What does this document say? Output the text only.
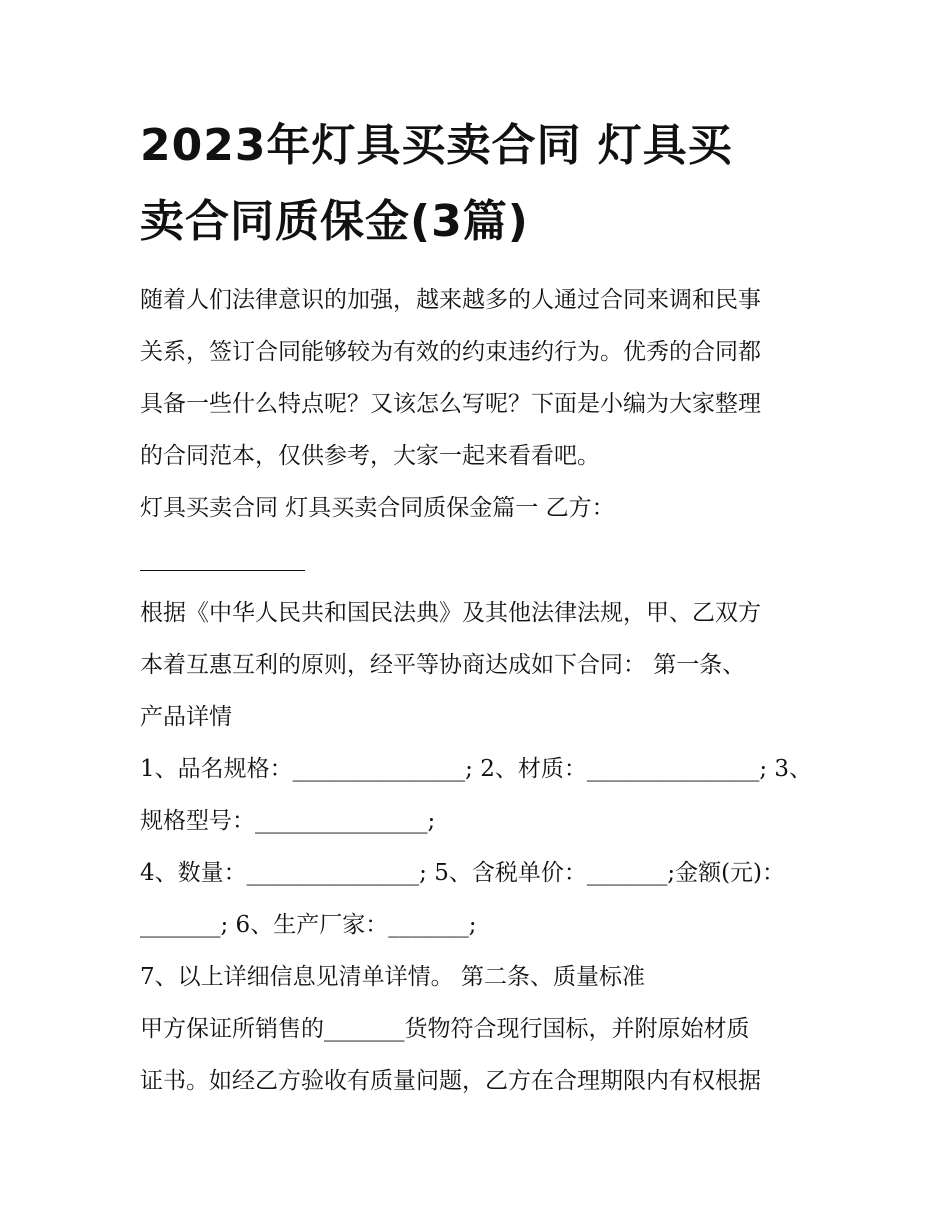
2023年灯具买卖合同 灯具买
卖合同质保金(3篇)

随着人们法律意识的加强，越来越多的人通过合同来调和民事
关系，签订合同能够较为有效的约束违约行为。优秀的合同都
具备一些什么特点呢？又该怎么写呢？下面是小编为大家整理
的合同范本，仅供参考，大家一起来看看吧。

灯具买卖合同 灯具买卖合同质保金篇一 乙方：

根据《中华人民共和国民法典》及其他法律法规，甲、乙双方
本着互惠互利的原则，经平等协商达成如下合同： 第一条、
产品详情

1、品名规格：_______________; 2、材质：_______________; 3、
规格型号：_______________;
4、数量：_______________; 5、含税单价：_______;金额(元)：
_______; 6、生产厂家：_______;
7、以上详细信息见清单详情。 第二条、质量标准
甲方保证所销售的_______货物符合现行国标，并附原始材质
证书。如经乙方验收有质量问题，乙方在合理期限内有权根据
